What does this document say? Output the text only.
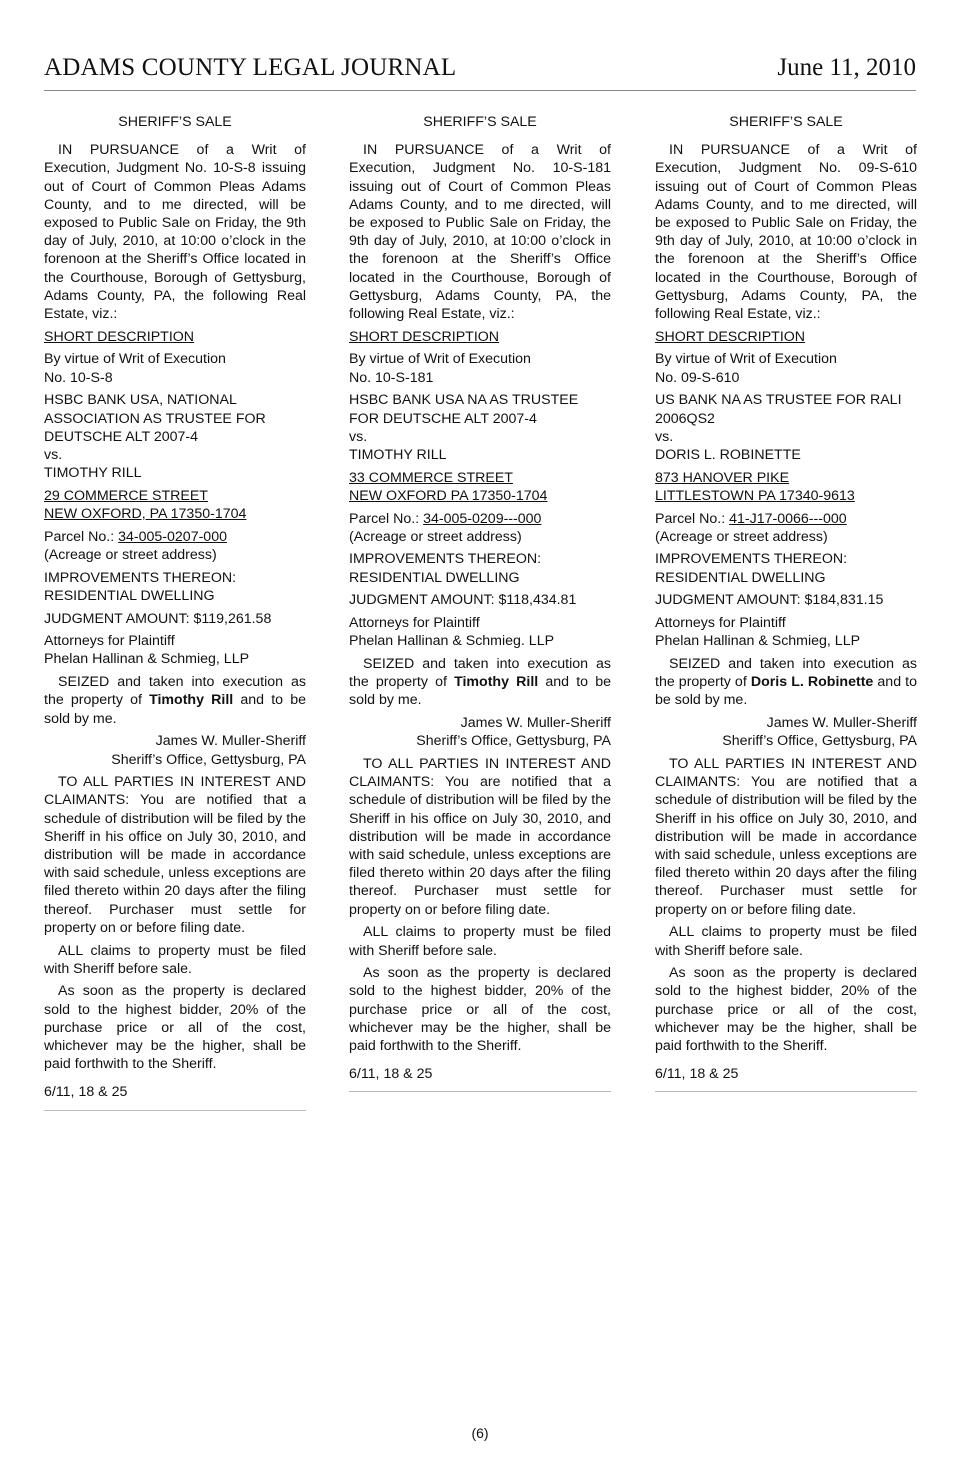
ADAMS COUNTY LEGAL JOURNAL	June 11, 2010

SHERIFF’S SALE

IN PURSUANCE of a Writ of Execution, Judgment No. 10-S-8 issuing out of Court of Common Pleas Adams County, and to me directed, will be exposed to Public Sale on Friday, the 9th day of July, 2010, at 10:00 o’clock in the forenoon at the Sheriff’s Office located in the Courthouse, Borough of Gettysburg, Adams County, PA, the following Real Estate, viz.:

SHORT DESCRIPTION

By virtue of Writ of Execution
No. 10-S-8

HSBC BANK USA, NATIONAL ASSOCIATION AS TRUSTEE FOR DEUTSCHE ALT 2007-4
vs.
TIMOTHY RILL

29 COMMERCE STREET
NEW OXFORD, PA 17350-1704

Parcel No.: 34-005-0207-000
(Acreage or street address)

IMPROVEMENTS THEREON:
RESIDENTIAL DWELLING

JUDGMENT AMOUNT: $119,261.58

Attorneys for Plaintiff
Phelan Hallinan & Schmieg, LLP

SEIZED and taken into execution as the property of Timothy Rill and to be sold by me.

James W. Muller-Sheriff
Sheriff’s Office, Gettysburg, PA

TO ALL PARTIES IN INTEREST AND CLAIMANTS: You are notified that a schedule of distribution will be filed by the Sheriff in his office on July 30, 2010, and distribution will be made in accordance with said schedule, unless exceptions are filed thereto within 20 days after the filing thereof. Purchaser must settle for property on or before filing date.

ALL claims to property must be filed with Sheriff before sale.

As soon as the property is declared sold to the highest bidder, 20% of the purchase price or all of the cost, whichever may be the higher, shall be paid forthwith to the Sheriff.

6/11, 18 & 25

SHERIFF’S SALE

IN PURSUANCE of a Writ of Execution, Judgment No. 10-S-181 issuing out of Court of Common Pleas Adams County, and to me directed, will be exposed to Public Sale on Friday, the 9th day of July, 2010, at 10:00 o’clock in the forenoon at the Sheriff’s Office located in the Courthouse, Borough of Gettysburg, Adams County, PA, the following Real Estate, viz.:

SHORT DESCRIPTION

By virtue of Writ of Execution
No. 10-S-181

HSBC BANK USA NA AS TRUSTEE FOR DEUTSCHE ALT 2007-4
vs.
TIMOTHY RILL

33 COMMERCE STREET
NEW OXFORD PA 17350-1704

Parcel No.: 34-005-0209---000
(Acreage or street address)

IMPROVEMENTS THEREON:
RESIDENTIAL DWELLING

JUDGMENT AMOUNT: $118,434.81

Attorneys for Plaintiff
Phelan Hallinan & Schmieg. LLP

SEIZED and taken into execution as the property of Timothy Rill and to be sold by me.

James W. Muller-Sheriff
Sheriff’s Office, Gettysburg, PA

TO ALL PARTIES IN INTEREST AND CLAIMANTS: You are notified that a schedule of distribution will be filed by the Sheriff in his office on July 30, 2010, and distribution will be made in accordance with said schedule, unless exceptions are filed thereto within 20 days after the filing thereof. Purchaser must settle for property on or before filing date.

ALL claims to property must be filed with Sheriff before sale.

As soon as the property is declared sold to the highest bidder, 20% of the purchase price or all of the cost, whichever may be the higher, shall be paid forthwith to the Sheriff.

6/11, 18 & 25

SHERIFF’S SALE

IN PURSUANCE of a Writ of Execution, Judgment No. 09-S-610 issuing out of Court of Common Pleas Adams County, and to me directed, will be exposed to Public Sale on Friday, the 9th day of July, 2010, at 10:00 o’clock in the forenoon at the Sheriff’s Office located in the Courthouse, Borough of Gettysburg, Adams County, PA, the following Real Estate, viz.:

SHORT DESCRIPTION

By virtue of Writ of Execution
No. 09-S-610

US BANK NA AS TRUSTEE FOR RALI 2006QS2
vs.
DORIS L. ROBINETTE

873 HANOVER PIKE
LITTLESTOWN PA 17340-9613

Parcel No.: 41-J17-0066---000
(Acreage or street address)

IMPROVEMENTS THEREON:
RESIDENTIAL DWELLING

JUDGMENT AMOUNT: $184,831.15

Attorneys for Plaintiff
Phelan Hallinan & Schmieg, LLP

SEIZED and taken into execution as the property of Doris L. Robinette and to be sold by me.

James W. Muller-Sheriff
Sheriff’s Office, Gettysburg, PA

TO ALL PARTIES IN INTEREST AND CLAIMANTS: You are notified that a schedule of distribution will be filed by the Sheriff in his office on July 30, 2010, and distribution will be made in accordance with said schedule, unless exceptions are filed thereto within 20 days after the filing thereof. Purchaser must settle for property on or before filing date.

ALL claims to property must be filed with Sheriff before sale.

As soon as the property is declared sold to the highest bidder, 20% of the purchase price or all of the cost, whichever may be the higher, shall be paid forthwith to the Sheriff.

6/11, 18 & 25

(6)
